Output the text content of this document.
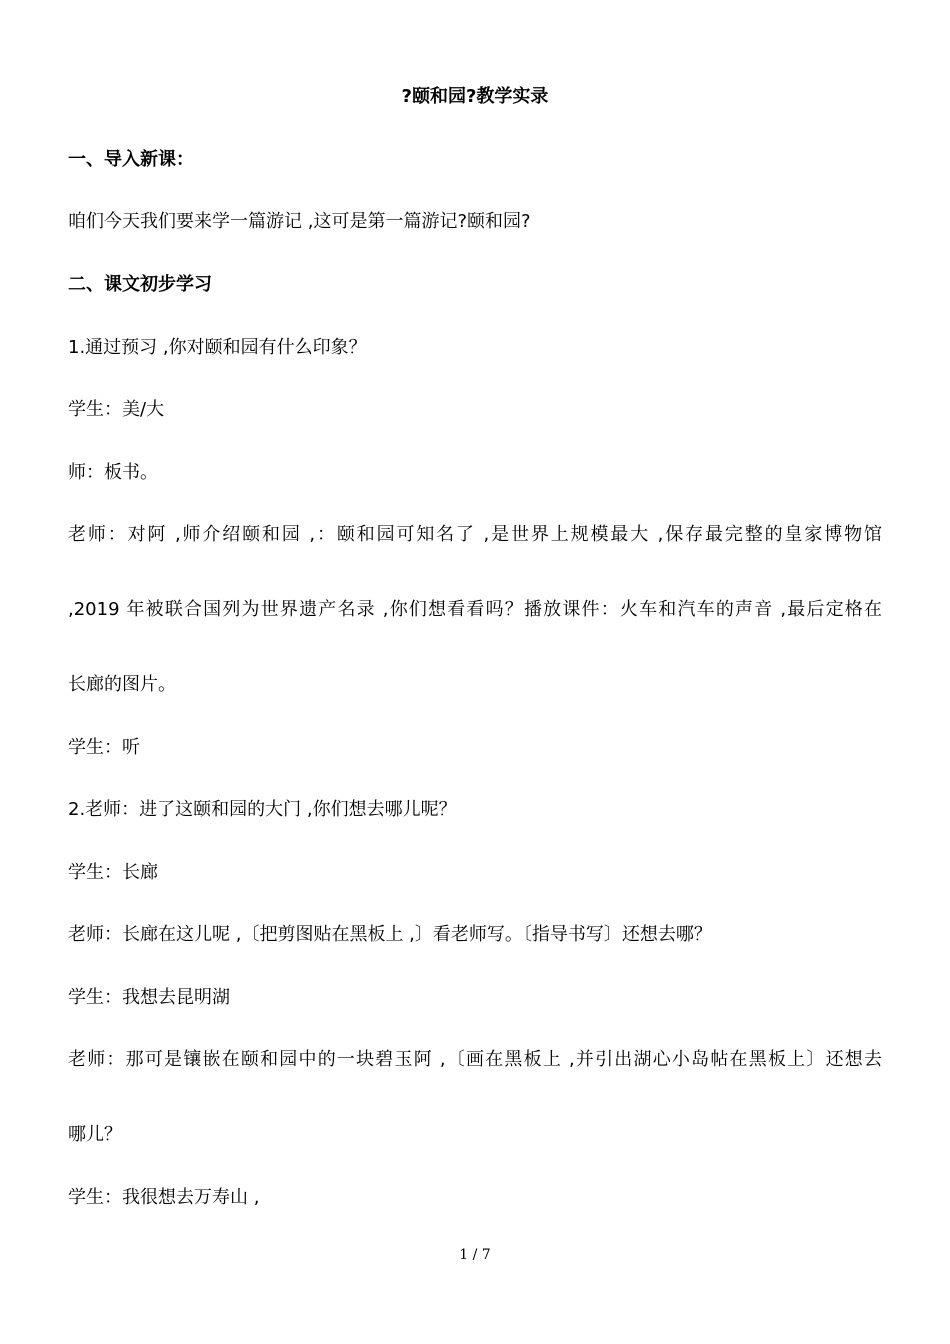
?颐和园?教学实录
一、导入新课：
咱们今天我们要来学一篇游记 ,这可是第一篇游记?颐和园?
二、课文初步学习
1.通过预习 ,你对颐和园有什么印象？
学生：美/大
师：板书。
老师：对阿 ,师介绍颐和园 ,：颐和园可知名了 ,是世界上规模最大 ,保存最完整的皇家博物馆
,2019 年被联合国列为世界遗产名录 ,你们想看看吗？播放课件：火车和汽车的声音 ,最后定格在
长廊的图片。
学生：听
2.老师：进了这颐和园的大门 ,你们想去哪儿呢？
学生：长廊
老师：长廊在这儿呢 ,〔把剪图贴在黑板上 ,〕看老师写。〔指导书写〕还想去哪？
学生：我想去昆明湖
老师：那可是镶嵌在颐和园中的一块碧玉阿 ,〔画在黑板上 ,并引出湖心小岛帖在黑板上〕还想去
哪儿？
学生：我很想去万寿山 ,
1 / 7
